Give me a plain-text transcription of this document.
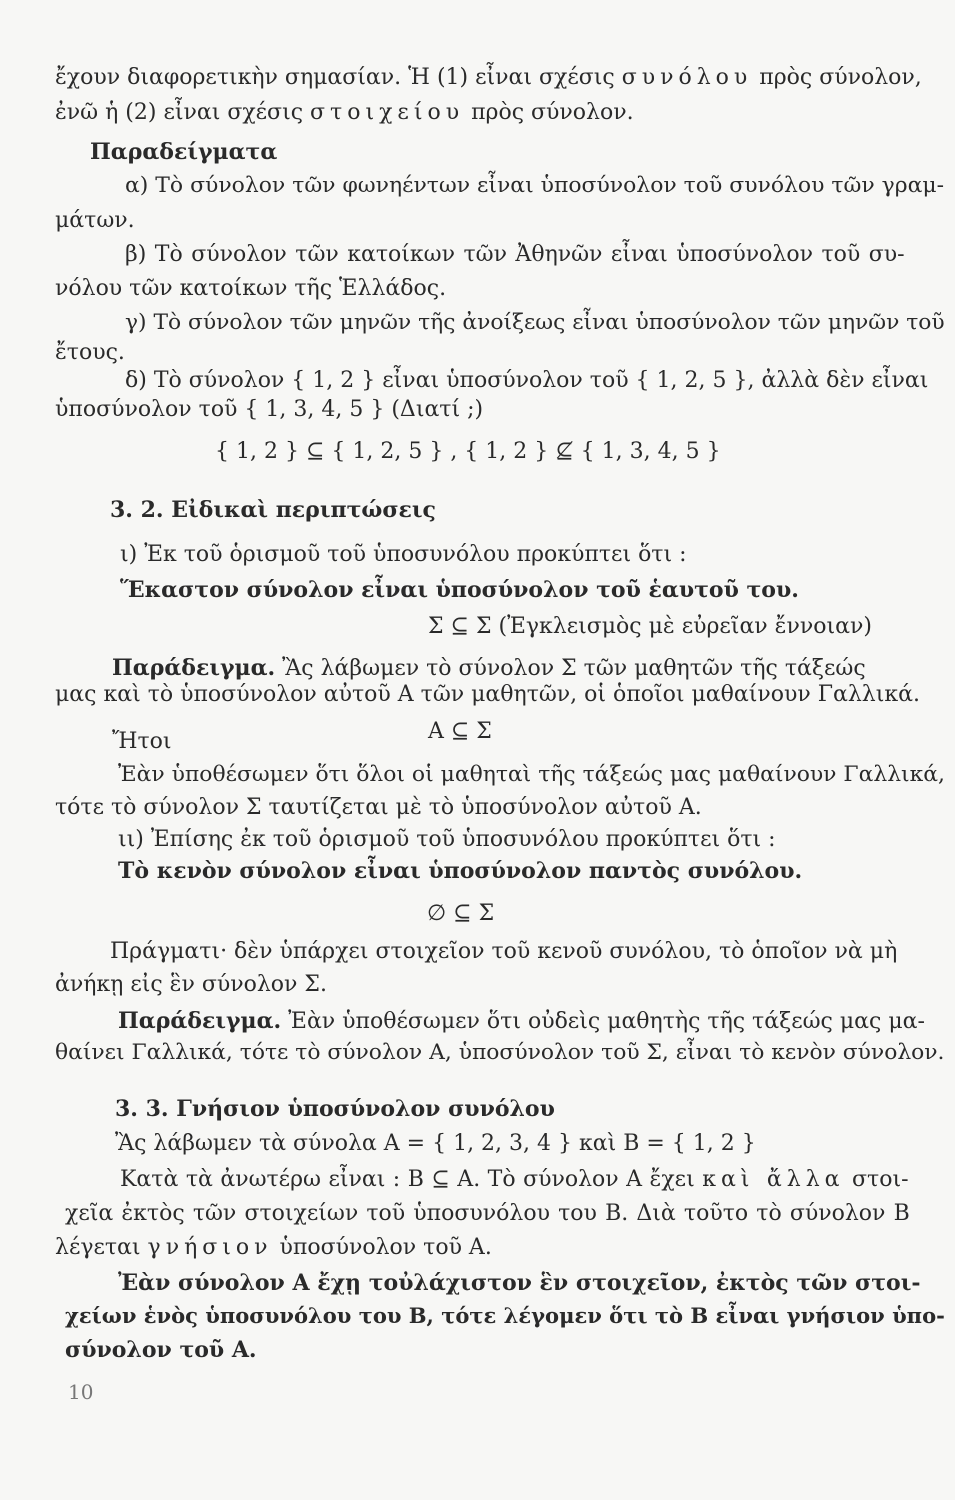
ἔχουν διαφορετικὴν σημασίαν. Ἡ (1) εἶναι σχέσις συνόλου πρὸς σύνολον,
ἐνῶ ἡ (2) εἶναι σχέσις στοιχείου πρὸς σύνολον.
Παραδείγματα
α) Τὸ σύνολον τῶν φωνηέντων εἶναι ὑποσύνολον τοῦ συνόλου τῶν γραμ-
μάτων.
β) Τὸ σύνολον τῶν κατοίκων τῶν Ἀθηνῶν εἶναι ὑποσύνολον τοῦ συ-
νόλου τῶν κατοίκων τῆς Ἑλλάδος.
γ) Τὸ σύνολον τῶν μηνῶν τῆς ἀνοίξεως εἶναι ὑποσύνολον τῶν μηνῶν τοῦ
ἔτους.
δ) Τὸ σύνολον { 1, 2 } εἶναι ὑποσύνολον τοῦ { 1, 2, 5 }, ἀλλὰ δὲν εἶναι
ὑποσύνολον τοῦ { 1, 3, 4, 5 } (Διατί ;)
{ 1, 2 } ⊆ { 1, 2, 5 } , { 1, 2 } ⊈ { 1, 3, 4, 5 }
3. 2. Εἰδικαὶ περιπτώσεις
ι) Ἐκ τοῦ ὁρισμοῦ τοῦ ὑποσυνόλου προκύπτει ὅτι :
Ἕκαστον σύνολον εἶναι ὑποσύνολον τοῦ ἑαυτοῦ του.
Σ ⊆ Σ (Ἐγκλεισμὸς μὲ εὐρεῖαν ἔννοιαν)
Παράδειγμα. Ἂς λάβωμεν τὸ σύνολον Σ τῶν μαθητῶν τῆς τάξεώς
μας καὶ τὸ ὑποσύνολον αὐτοῦ Α τῶν μαθητῶν, οἱ ὁποῖοι μαθαίνουν Γαλλικά.
Ἤτοι	Α ⊆ Σ
Ἐὰν ὑποθέσωμεν ὅτι ὅλοι οἱ μαθηταὶ τῆς τάξεώς μας μαθαίνουν Γαλλικά,
τότε τὸ σύνολον Σ ταυτίζεται μὲ τὸ ὑποσύνολον αὐτοῦ Α.
ιι) Ἐπίσης ἐκ τοῦ ὁρισμοῦ τοῦ ὑποσυνόλου προκύπτει ὅτι :
Τὸ κενὸν σύνολον εἶναι ὑποσύνολον παντὸς συνόλου.
∅ ⊆ Σ
Πράγματι· δὲν ὑπάρχει στοιχεῖον τοῦ κενοῦ συνόλου, τὸ ὁποῖον νὰ μὴ
ἀνήκῃ εἰς ἓν σύνολον Σ.
Παράδειγμα. Ἐὰν ὑποθέσωμεν ὅτι οὐδεὶς μαθητὴς τῆς τάξεώς μας μα-
θαίνει Γαλλικά, τότε τὸ σύνολον Α, ὑποσύνολον τοῦ Σ, εἶναι τὸ κενὸν σύνολον.
3. 3. Γνήσιον ὑποσύνολον συνόλου
Ἂς λάβωμεν τὰ σύνολα Α = { 1, 2, 3, 4 } καὶ Β = { 1, 2 }
Κατὰ τὰ ἀνωτέρω εἶναι : Β ⊆ Α. Τὸ σύνολον Α ἔχει καὶ ἄλλα στοι-
χεῖα ἐκτὸς τῶν στοιχείων τοῦ ὑποσυνόλου του Β. Διὰ τοῦτο τὸ σύνολον Β
λέγεται γνήσιον ὑποσύνολον τοῦ Α.
Ἐὰν σύνολον Α ἔχῃ τοὐλάχιστον ἓν στοιχεῖον, ἐκτὸς τῶν στοι-
χείων ἑνὸς ὑποσυνόλου του Β, τότε λέγομεν ὅτι τὸ Β εἶναι γνήσιον ὑπο-
σύνολον τοῦ Α.
10
